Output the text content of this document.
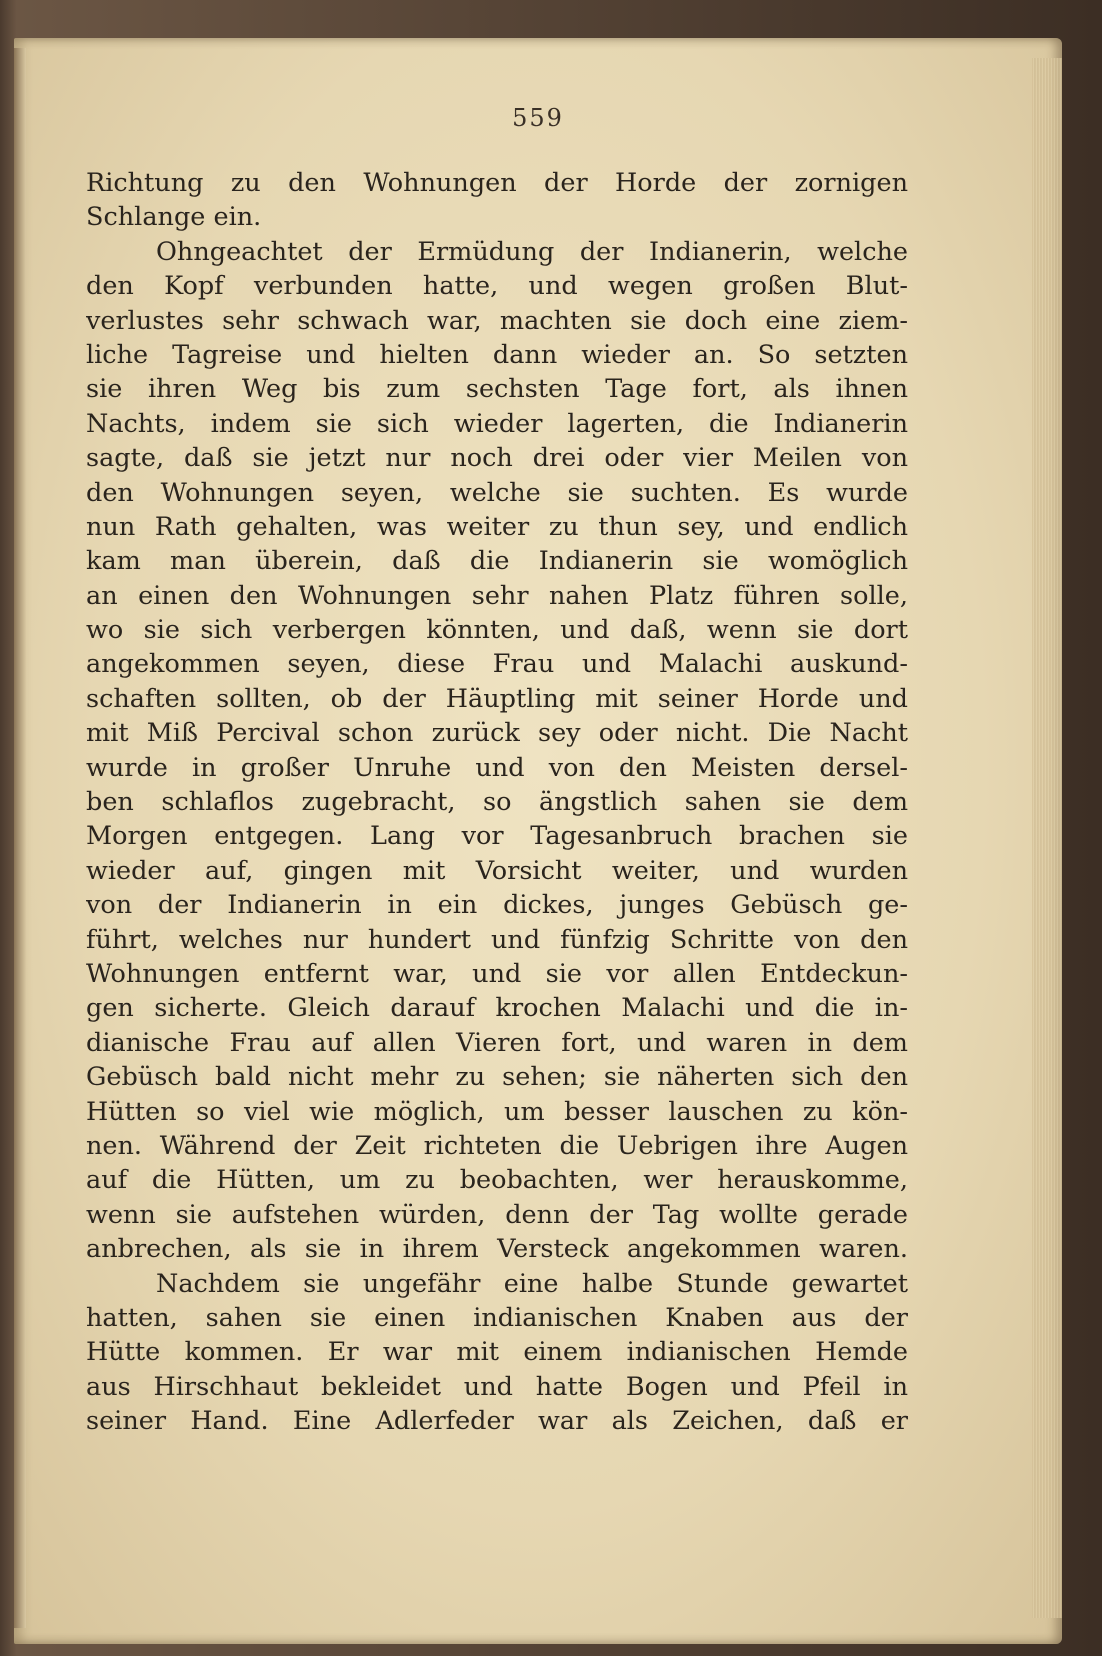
559
Richtung zu den Wohnungen der Horde der zornigen
Schlange ein.
Ohngeachtet der Ermüdung der Indianerin, welche
den Kopf verbunden hatte, und wegen großen Blut-
verlustes sehr schwach war, machten sie doch eine ziem-
liche Tagreise und hielten dann wieder an. So setzten
sie ihren Weg bis zum sechsten Tage fort, als ihnen
Nachts, indem sie sich wieder lagerten, die Indianerin
sagte, daß sie jetzt nur noch drei oder vier Meilen von
den Wohnungen seyen, welche sie suchten. Es wurde
nun Rath gehalten, was weiter zu thun sey, und endlich
kam man überein, daß die Indianerin sie womöglich
an einen den Wohnungen sehr nahen Platz führen solle,
wo sie sich verbergen könnten, und daß, wenn sie dort
angekommen seyen, diese Frau und Malachi auskund-
schaften sollten, ob der Häuptling mit seiner Horde und
mit Miß Percival schon zurück sey oder nicht. Die Nacht
wurde in großer Unruhe und von den Meisten dersel-
ben schlaflos zugebracht, so ängstlich sahen sie dem
Morgen entgegen. Lang vor Tagesanbruch brachen sie
wieder auf, gingen mit Vorsicht weiter, und wurden
von der Indianerin in ein dickes, junges Gebüsch ge-
führt, welches nur hundert und fünfzig Schritte von den
Wohnungen entfernt war, und sie vor allen Entdeckun-
gen sicherte. Gleich darauf krochen Malachi und die in-
dianische Frau auf allen Vieren fort, und waren in dem
Gebüsch bald nicht mehr zu sehen; sie näherten sich den
Hütten so viel wie möglich, um besser lauschen zu kön-
nen. Während der Zeit richteten die Uebrigen ihre Augen
auf die Hütten, um zu beobachten, wer herauskomme,
wenn sie aufstehen würden, denn der Tag wollte gerade
anbrechen, als sie in ihrem Versteck angekommen waren.
Nachdem sie ungefähr eine halbe Stunde gewartet
hatten, sahen sie einen indianischen Knaben aus der
Hütte kommen. Er war mit einem indianischen Hemde
aus Hirschhaut bekleidet und hatte Bogen und Pfeil in
seiner Hand. Eine Adlerfeder war als Zeichen, daß er
